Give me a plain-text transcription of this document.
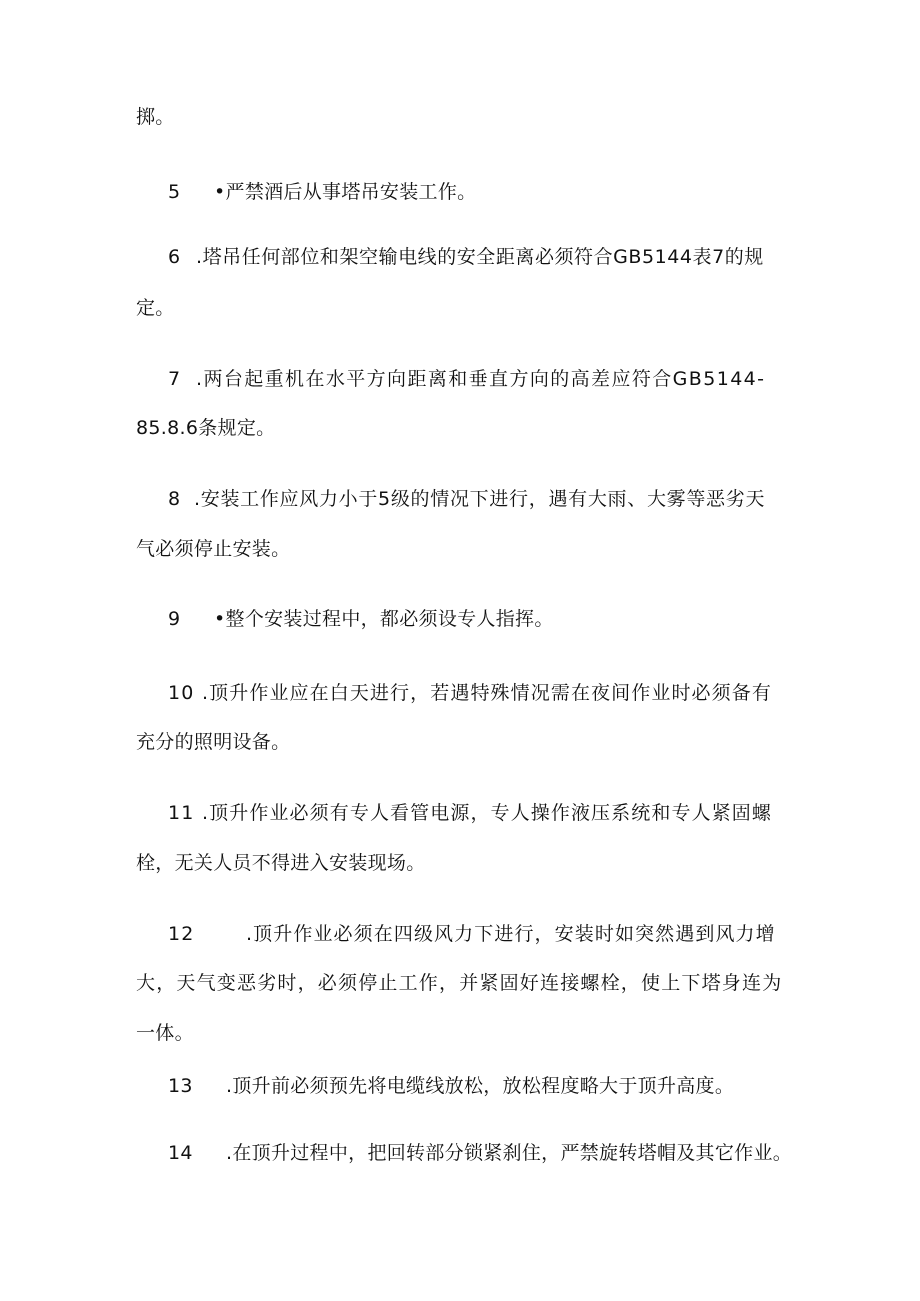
掷。
5 •严禁酒后从事塔吊安装工作。
6 .塔吊任何部位和架空输电线的安全距离必须符合GB5144表7的规
定。
7 .两台起重机在水平方向距离和垂直方向的高差应符合GB5144-
85.8.6条规定。
8 .安装工作应风力小于5级的情况下进行，遇有大雨、大雾等恶劣天
气必须停止安装。
9 •整个安装过程中，都必须设专人指挥。
10 .顶升作业应在白天进行，若遇特殊情况需在夜间作业时必须备有
充分的照明设备。
11 .顶升作业必须有专人看管电源，专人操作液压系统和专人紧固螺
栓，无关人员不得进入安装现场。
12	.顶升作业必须在四级风力下进行，安装时如突然遇到风力增
大，天气变恶劣时，必须停止工作，并紧固好连接螺栓，使上下塔身连为
一体。
13 .顶升前必须预先将电缆线放松，放松程度略大于顶升高度。
14 .在顶升过程中，把回转部分锁紧刹住，严禁旋转塔帽及其它作业。
